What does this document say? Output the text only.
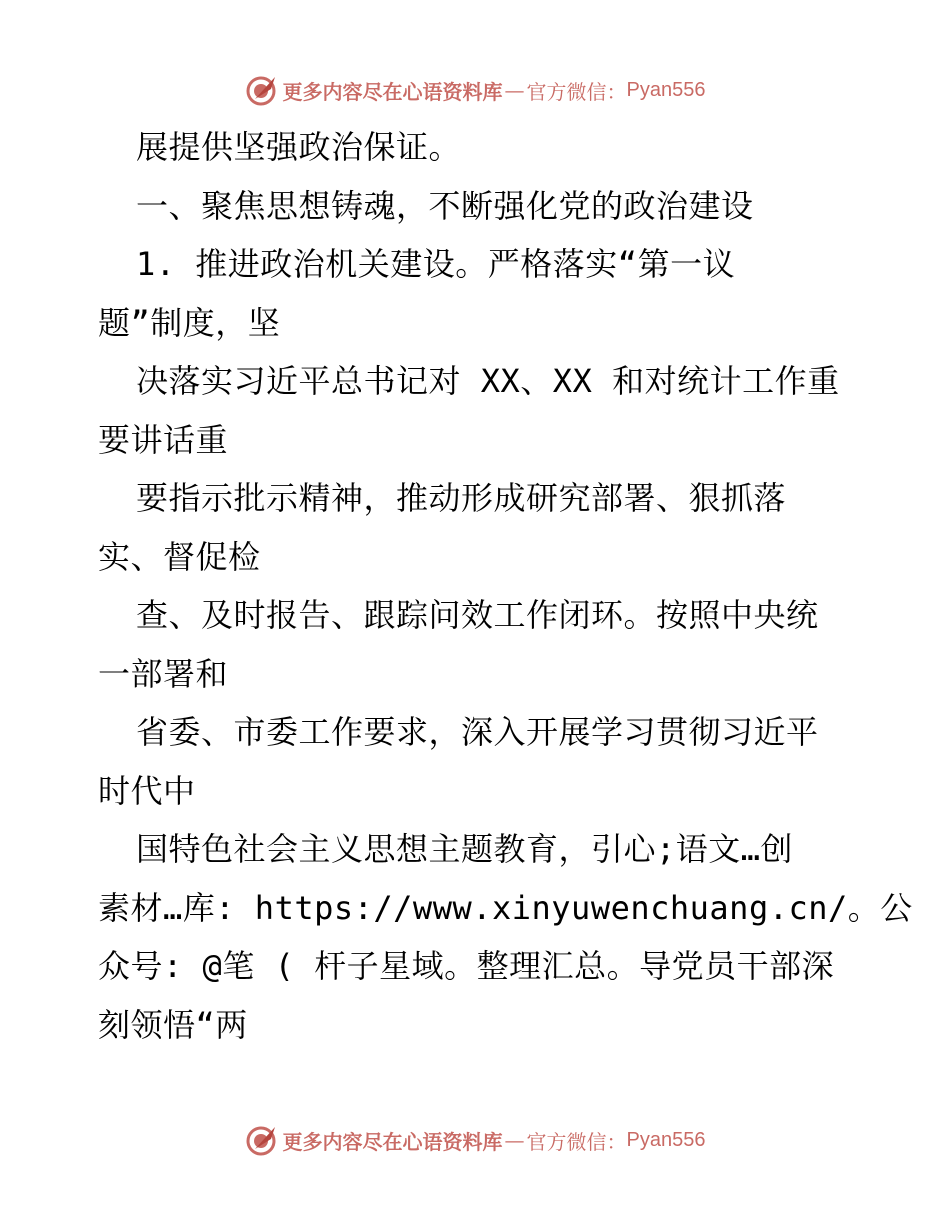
更多内容尽在心语资料库 — 官方微信： Pyan556
展提供坚强政治保证。
一、聚焦思想铸魂，不断强化党的政治建设
1. 推进政治机关建设。严格落实“第一议
题”制度，坚
决落实习近平总书记对 XX、XX 和对统计工作重
要讲话重
要指示批示精神，推动形成研究部署、狠抓落
实、督促检
查、及时报告、跟踪问效工作闭环。按照中央统
一部署和
省委、市委工作要求，深入开展学习贯彻习近平
时代中
国特色社会主义思想主题教育，引心;语文…创
素材…库: https://www.xinyuwenchuang.cn/。公
众号: @笔 ( 杆子星域。整理汇总。导党员干部深
刻领悟“两
更多内容尽在心语资料库 — 官方微信： Pyan556
